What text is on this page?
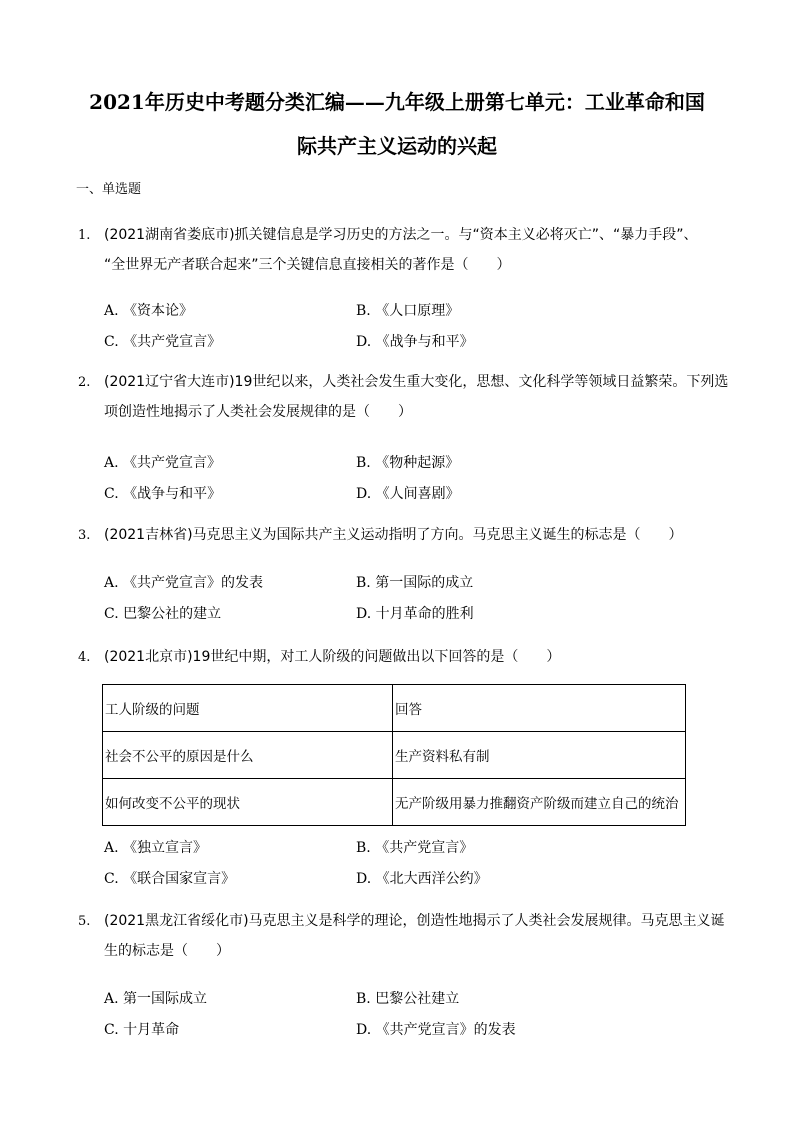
2021年历史中考题分类汇编——九年级上册第七单元：工业革命和国
际共产主义运动的兴起
一、单选题
1. (2021湖南省娄底市)抓关键信息是学习历史的方法之一。与“资本主义必将灭亡”、“暴力手段”、
“全世界无产者联合起来”三个关键信息直接相关的著作是（　　）
A. 《资本论》	B. 《人口原理》
C. 《共产党宣言》	D. 《战争与和平》
2. (2021辽宁省大连市)19世纪以来，人类社会发生重大变化，思想、文化科学等领域日益繁荣。下列选
项创造性地揭示了人类社会发展规律的是（　　）
A. 《共产党宣言》	B. 《物种起源》
C. 《战争与和平》	D. 《人间喜剧》
3. (2021吉林省)马克思主义为国际共产主义运动指明了方向。马克思主义诞生的标志是（　　）
A. 《共产党宣言》的发表	B. 第一国际的成立
C. 巴黎公社的建立	D. 十月革命的胜利
4. (2021北京市)19世纪中期，对工人阶级的问题做出以下回答的是（　　）
工人阶级的问题	回答
社会不公平的原因是什么	生产资料私有制
如何改变不公平的现状	无产阶级用暴力推翻资产阶级而建立自己的统治
A. 《独立宣言》	B. 《共产党宣言》
C. 《联合国家宣言》	D. 《北大西洋公约》
5. (2021黑龙江省绥化市)马克思主义是科学的理论，创造性地揭示了人类社会发展规律。马克思主义诞
生的标志是（　　）
A. 第一国际成立	B. 巴黎公社建立
C. 十月革命	D. 《共产党宣言》的发表
